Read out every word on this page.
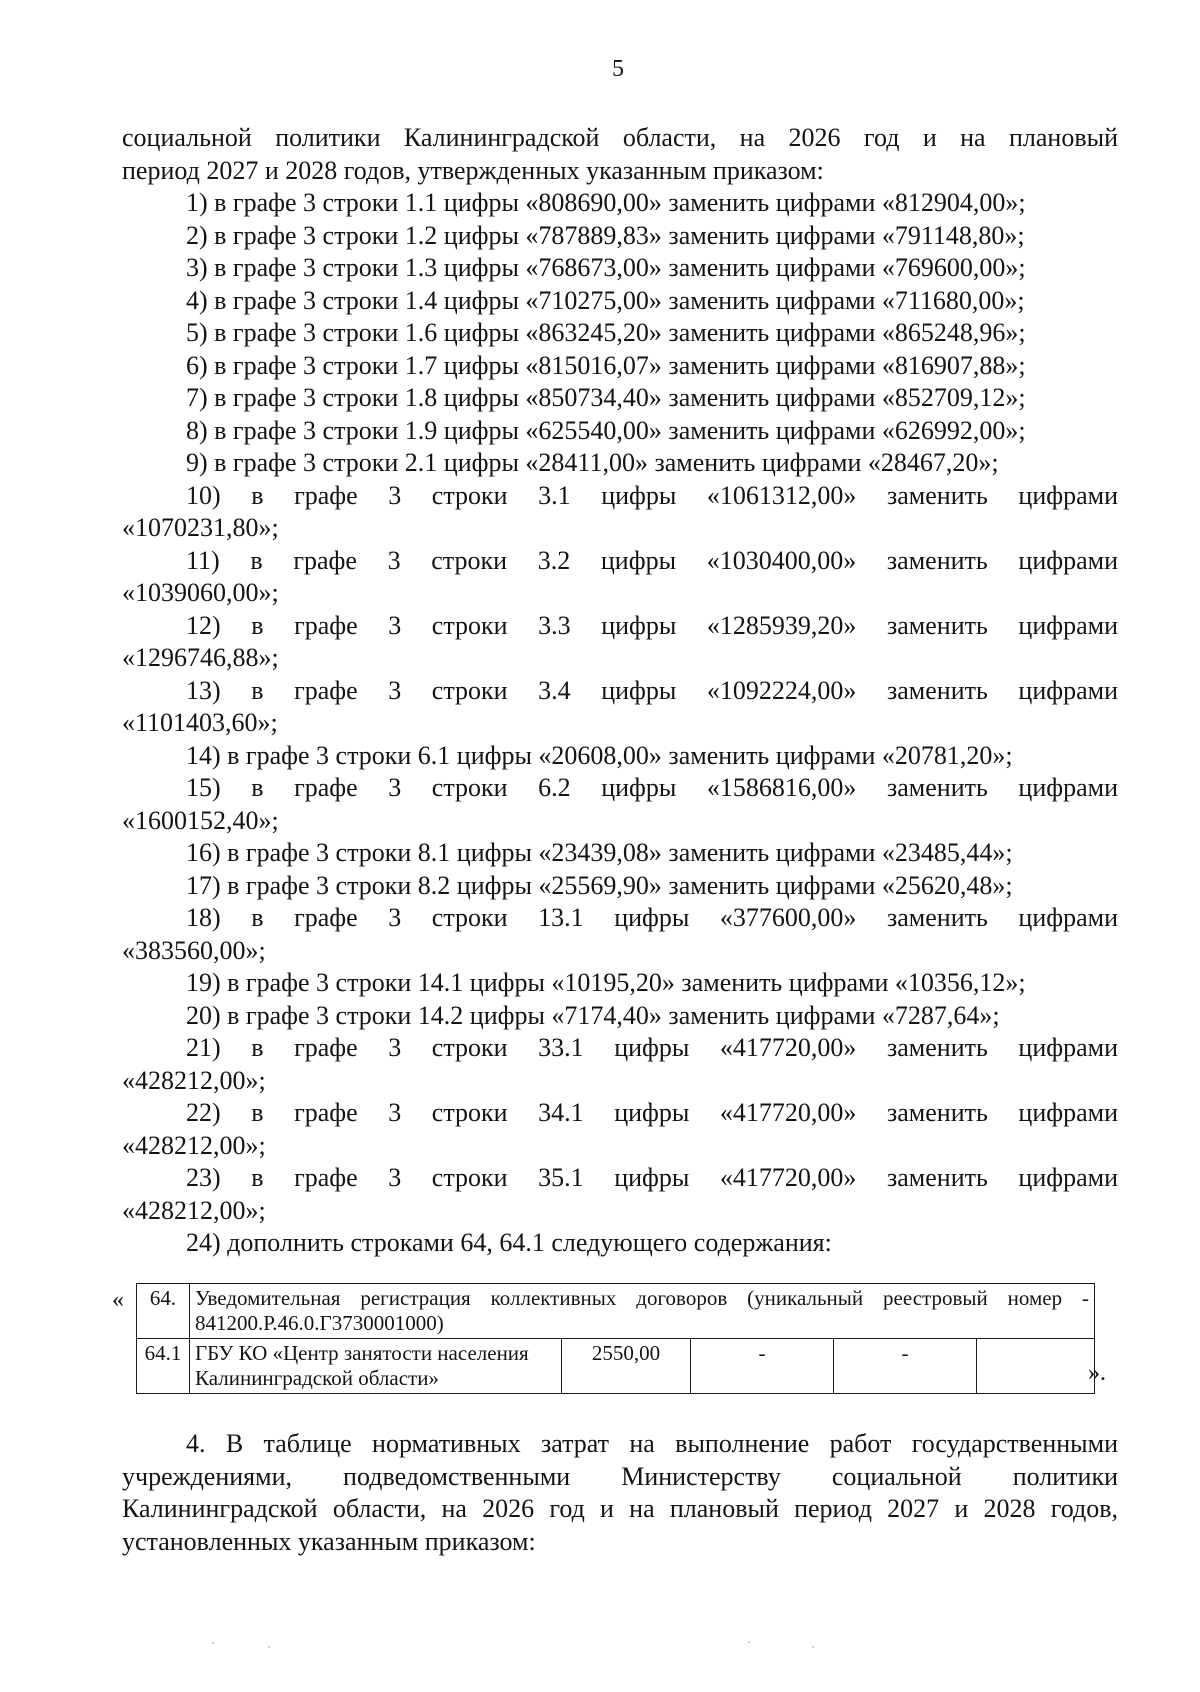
5
социальной политики Калининградской области, на 2026 год и на плановый
период 2027 и 2028 годов, утвержденных указанным приказом:
1) в графе 3 строки 1.1 цифры «808690,00» заменить цифрами «812904,00»;
2) в графе 3 строки 1.2 цифры «787889,83» заменить цифрами «791148,80»;
3) в графе 3 строки 1.3 цифры «768673,00» заменить цифрами «769600,00»;
4) в графе 3 строки 1.4 цифры «710275,00» заменить цифрами «711680,00»;
5) в графе 3 строки 1.6 цифры «863245,20» заменить цифрами «865248,96»;
6) в графе 3 строки 1.7 цифры «815016,07» заменить цифрами «816907,88»;
7) в графе 3 строки 1.8 цифры «850734,40» заменить цифрами «852709,12»;
8) в графе 3 строки 1.9 цифры «625540,00» заменить цифрами «626992,00»;
9) в графе 3 строки 2.1 цифры «28411,00» заменить цифрами «28467,20»;
10) в графе 3 строки 3.1 цифры «1061312,00» заменить цифрами
«1070231,80»;
11) в графе 3 строки 3.2 цифры «1030400,00» заменить цифрами
«1039060,00»;
12) в графе 3 строки 3.3 цифры «1285939,20» заменить цифрами
«1296746,88»;
13) в графе 3 строки 3.4 цифры «1092224,00» заменить цифрами
«1101403,60»;
14) в графе 3 строки 6.1 цифры «20608,00» заменить цифрами «20781,20»;
15) в графе 3 строки 6.2 цифры «1586816,00» заменить цифрами
«1600152,40»;
16) в графе 3 строки 8.1 цифры «23439,08» заменить цифрами «23485,44»;
17) в графе 3 строки 8.2 цифры «25569,90» заменить цифрами «25620,48»;
18) в графе 3 строки 13.1 цифры «377600,00» заменить цифрами
«383560,00»;
19) в графе 3 строки 14.1 цифры «10195,20» заменить цифрами «10356,12»;
20) в графе 3 строки 14.2 цифры «7174,40» заменить цифрами «7287,64»;
21) в графе 3 строки 33.1 цифры «417720,00» заменить цифрами
«428212,00»;
22) в графе 3 строки 34.1 цифры «417720,00» заменить цифрами
«428212,00»;
23) в графе 3 строки 35.1 цифры «417720,00» заменить цифрами
«428212,00»;
24) дополнить строками 64, 64.1 следующего содержания:
« 64.	Уведомительная регистрация коллективных договоров (уникальный реестровый номер -
841200.Р.46.0.Г3730001000)				

64.1	ГБУ КО «Центр занятости населения
Калининградской области»	2550,00	-	-	
».
4. В таблице нормативных затрат на выполнение работ государственными
учреждениями, подведомственными Министерству социальной политики
Калининградской области, на 2026 год и на плановый период 2027 и 2028 годов,
установленных указанным приказом:
